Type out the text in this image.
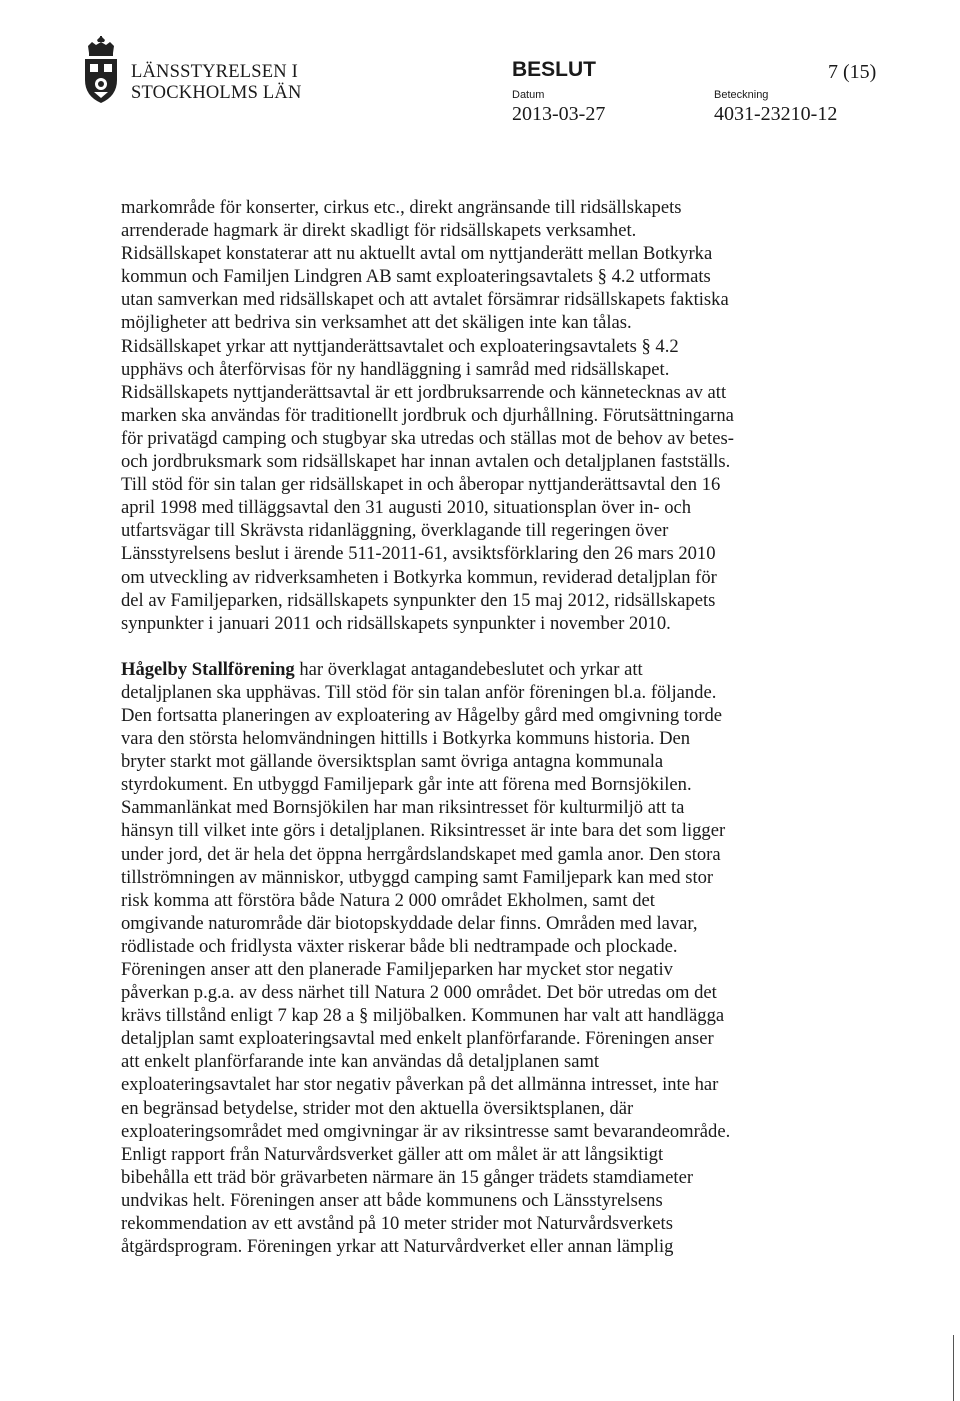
LÄNSSTYRELSEN I
STOCKHOLMS LÄN
BESLUT	7 (15)
Datum
2013-03-27
Beteckning
4031-23210-12

markområde för konserter, cirkus etc., direkt angränsande till ridsällskapets

arrenderade hagmark är direkt skadligt för ridsällskapets verksamhet.

Ridsällskapet konstaterar att nu aktuellt avtal om nyttjanderätt mellan Botkyrka

kommun och Familjen Lindgren AB samt exploateringsavtalets § 4.2 utformats

utan samverkan med ridsällskapet och att avtalet försämrar ridsällskapets faktiska

möjligheter att bedriva sin verksamhet att det skäligen inte kan tålas.

Ridsällskapet yrkar att nyttjanderättsavtalet och exploateringsavtalets § 4.2

upphävs och återförvisas för ny handläggning i samråd med ridsällskapet.

Ridsällskapets nyttjanderättsavtal är ett jordbruksarrende och kännetecknas av att

marken ska användas för traditionellt jordbruk och djurhållning. Förutsättningarna

för privatägd camping och stugbyar ska utredas och ställas mot de behov av betes-

och jordbruksmark som ridsällskapet har innan avtalen och detaljplanen fastställs.

Till stöd för sin talan ger ridsällskapet in och åberopar nyttjanderättsavtal den 16

april 1998 med tilläggsavtal den 31 augusti 2010, situationsplan över in- och

utfartsvägar till Skrävsta ridanläggning, överklagande till regeringen över

Länsstyrelsens beslut i ärende 511-2011-61, avsiktsförklaring den 26 mars 2010

om utveckling av ridverksamheten i Botkyrka kommun, reviderad detaljplan för

del av Familjeparken, ridsällskapets synpunkter den 15 maj 2012, ridsällskapets

synpunkter i januari 2011 och ridsällskapets synpunkter i november 2010.

Hågelby Stallförening har överklagat antagandebeslutet och yrkar att

detaljplanen ska upphävas. Till stöd för sin talan anför föreningen bl.a. följande.

Den fortsatta planeringen av exploatering av Hågelby gård med omgivning torde

vara den största helomvändningen hittills i Botkyrka kommuns historia. Den

bryter starkt mot gällande översiktsplan samt övriga antagna kommunala

styrdokument. En utbyggd Familjepark går inte att förena med Bornsjökilen.

Sammanlänkat med Bornsjökilen har man riksintresset för kulturmiljö att ta

hänsyn till vilket inte görs i detaljplanen. Riksintresset är inte bara det som ligger

under jord, det är hela det öppna herrgårdslandskapet med gamla anor. Den stora

tillströmningen av människor, utbyggd camping samt Familjepark kan med stor

risk komma att förstöra både Natura 2 000 området Ekholmen, samt det

omgivande naturområde där biotopskyddade delar finns. Områden med lavar,

rödlistade och fridlysta växter riskerar både bli nedtrampade och plockade.

Föreningen anser att den planerade Familjeparken har mycket stor negativ

påverkan p.g.a. av dess närhet till Natura 2 000 området. Det bör utredas om det

krävs tillstånd enligt 7 kap 28 a § miljöbalken. Kommunen har valt att handlägga

detaljplan samt exploateringsavtal med enkelt planförfarande. Föreningen anser

att enkelt planförfarande inte kan användas då detaljplanen samt

exploateringsavtalet har stor negativ påverkan på det allmänna intresset, inte har

en begränsad betydelse, strider mot den aktuella översiktsplanen, där

exploateringsområdet med omgivningar är av riksintresse samt bevarandeområde.

Enligt rapport från Naturvårdsverket gäller att om målet är att långsiktigt

bibehålla ett träd bör grävarbeten närmare än 15 gånger trädets stamdiameter

undvikas helt. Föreningen anser att både kommunens och Länsstyrelsens

rekommendation av ett avstånd på 10 meter strider mot Naturvårdsverkets

åtgärdsprogram. Föreningen yrkar att Naturvårdverket eller annan lämplig
